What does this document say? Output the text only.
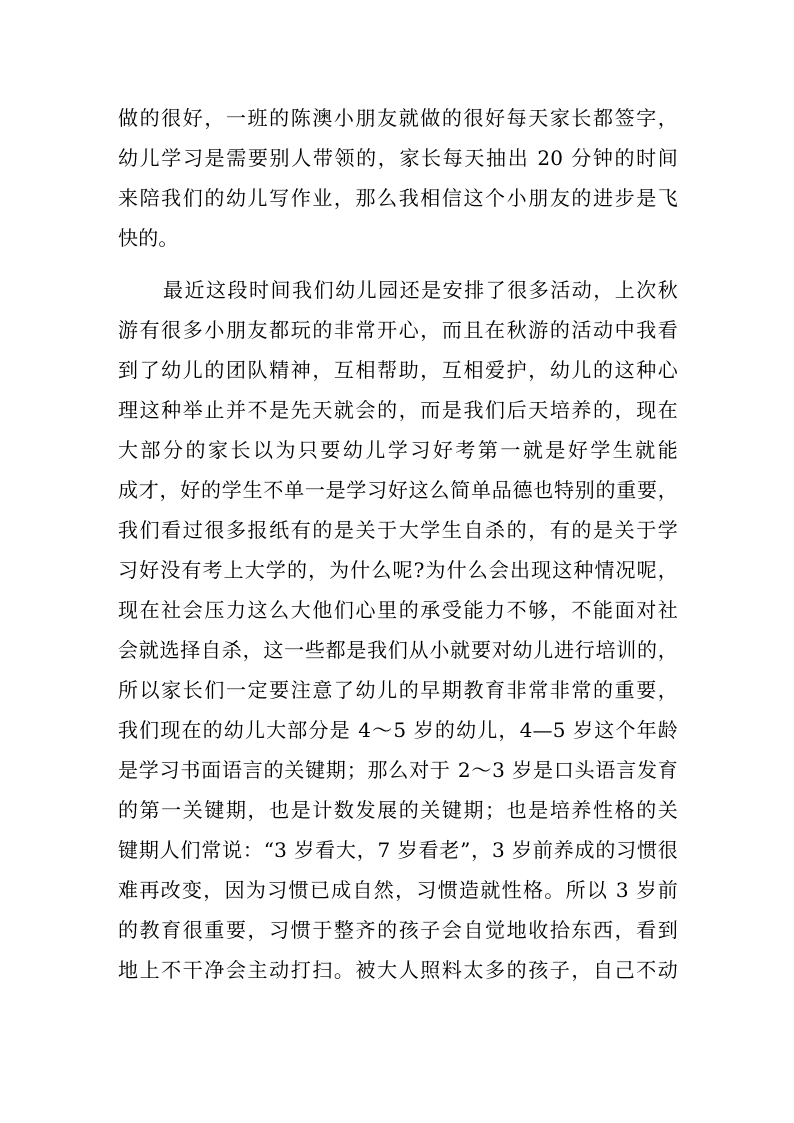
做的很好，一班的陈澳小朋友就做的很好每天家长都签字，
幼儿学习是需要别人带领的，家长每天抽出 20 分钟的时间
来陪我们的幼儿写作业，那么我相信这个小朋友的进步是飞
快的。
最近这段时间我们幼儿园还是安排了很多活动，上次秋
游有很多小朋友都玩的非常开心，而且在秋游的活动中我看
到了幼儿的团队精神，互相帮助，互相爱护，幼儿的这种心
理这种举止并不是先天就会的，而是我们后天培养的，现在
大部分的家长以为只要幼儿学习好考第一就是好学生就能
成才，好的学生不单一是学习好这么简单品德也特别的重要，
我们看过很多报纸有的是关于大学生自杀的，有的是关于学
习好没有考上大学的，为什么呢?为什么会出现这种情况呢，
现在社会压力这么大他们心里的承受能力不够，不能面对社
会就选择自杀，这一些都是我们从小就要对幼儿进行培训的，
所以家长们一定要注意了幼儿的早期教育非常非常的重要，
我们现在的幼儿大部分是 4～5 岁的幼儿，4—5 岁这个年龄
是学习书面语言的关键期；那么对于 2～3 岁是口头语言发育
的第一关键期，也是计数发展的关键期；也是培养性格的关
键期人们常说：“3 岁看大，7 岁看老”，3 岁前养成的习惯很
难再改变，因为习惯已成自然，习惯造就性格。所以 3 岁前
的教育很重要，习惯于整齐的孩子会自觉地收拾东西，看到
地上不干净会主动打扫。被大人照料太多的孩子，自己不动
